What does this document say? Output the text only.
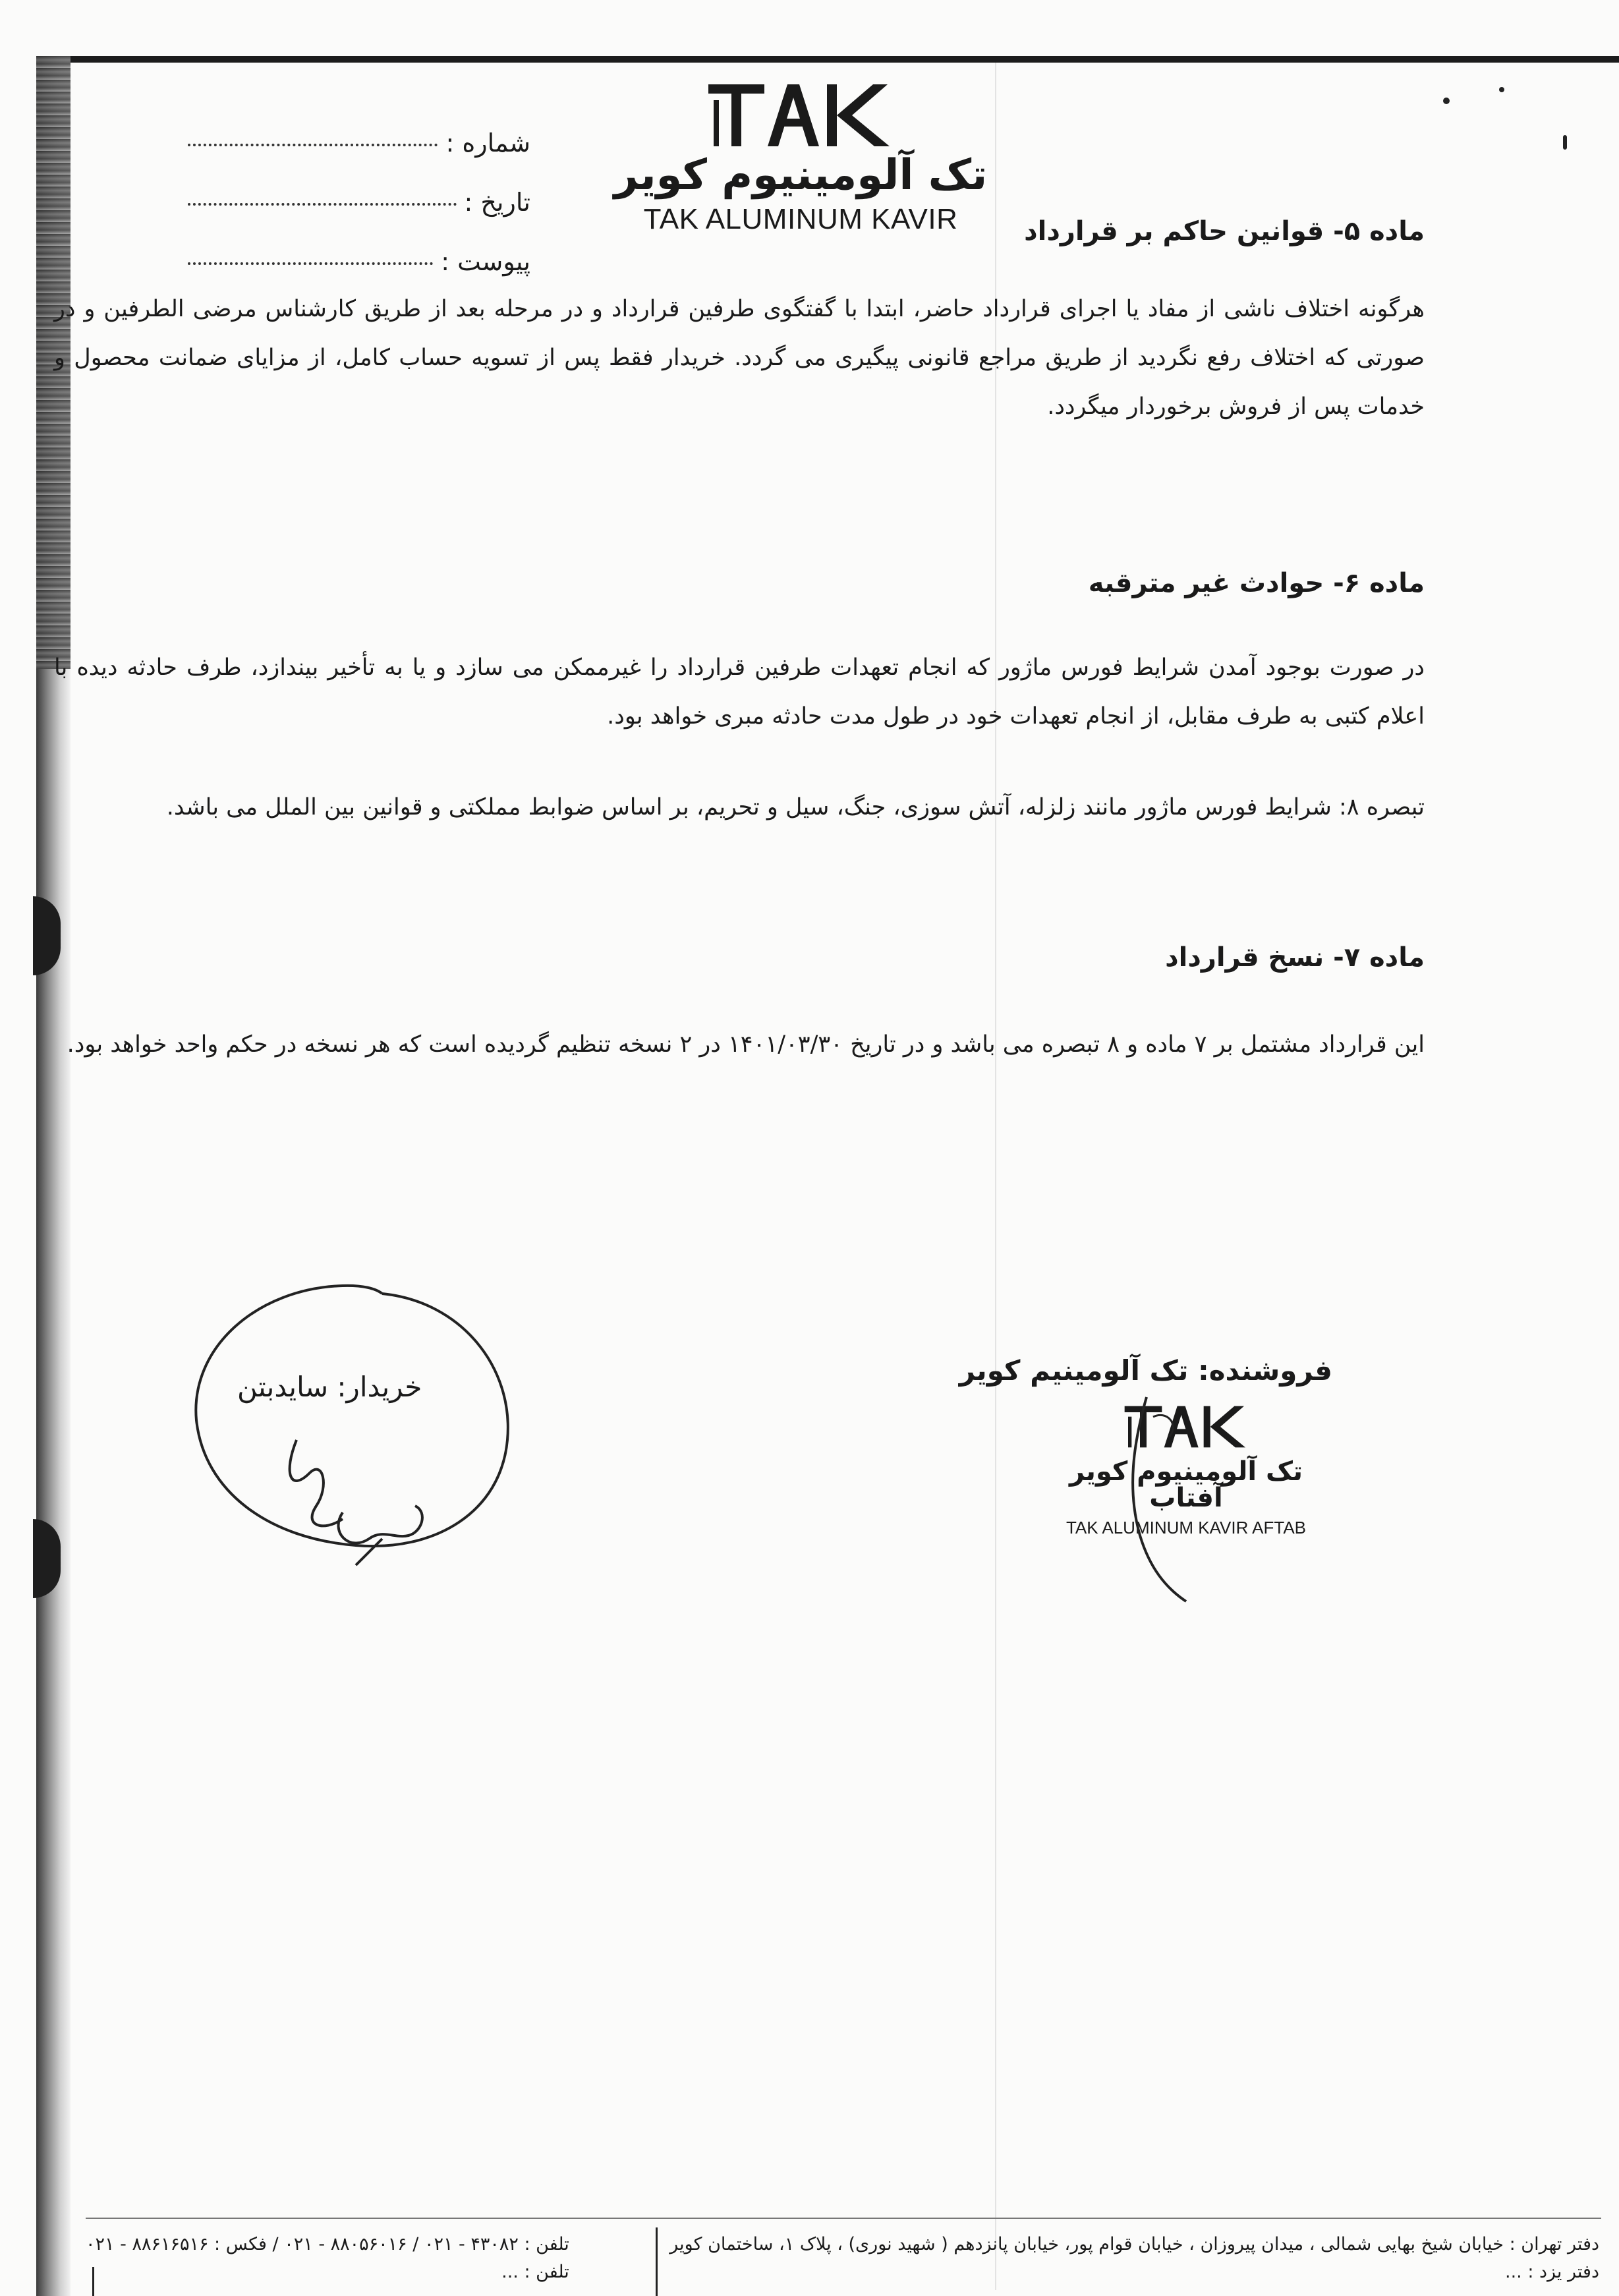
شماره :
تاریخ :
پیوست :
تک آلومینیوم کویر
TAK ALUMINUM KAVIR	ماده ۵- قوانین حاکم بر قرارداد
هرگونه اختلاف ناشی از مفاد یا اجرای قرارداد حاضر، ابتدا با گفتگوی طرفین قرارداد و در مرحله بعد از طریق کارشناس مرضی الطرفین و در صورتی که اختلاف رفع نگردید از طریق مراجع قانونی پیگیری می گردد. خریدار فقط پس از تسویه حساب کامل، از مزایای ضمانت محصول و خدمات پس از فروش برخوردار میگردد.
ماده ۶- حوادث غیر مترقبه
در صورت بوجود آمدن شرایط فورس ماژور که انجام تعهدات طرفین قرارداد را غیرممکن می سازد و یا به تأخیر بیندازد، طرف حادثه دیده با اعلام کتبی به طرف مقابل، از انجام تعهدات خود در طول مدت حادثه مبری خواهد بود.
تبصره ۸: شرایط فورس ماژور مانند زلزله، آتش سوزی، جنگ، سیل و تحریم، بر اساس ضوابط مملکتی و قوانین بین الملل می باشد.
ماده ۷- نسخ قرارداد
این قرارداد مشتمل بر ۷ ماده و ۸ تبصره می باشد و در تاریخ ۱۴۰۱/۰۳/۳۰ در ۲ نسخه تنظیم گردیده است که هر نسخه در حکم واحد خواهد بود.
خریدار: سایدبتن
فروشنده: تک آلومینیم کویر
تک آلومینیوم کویر آفتاب
TAK ALUMINUM KAVIR AFTAB
دفتر تهران : خیابان شیخ بهایی شمالی ، میدان پیروزان ، خیابان قوام پور، خیابان پانزدهم ( شهید نوری) ، پلاک ۱، ساختمان کویر
دفتر یزد : ...
تلفن : ۴۳۰۸۲ - ۰۲۱ / ۸۸۰۵۶۰۱۶ - ۰۲۱ / فکس : ۸۸۶۱۶۵۱۶ - ۰۲۱
تلفن : ...
